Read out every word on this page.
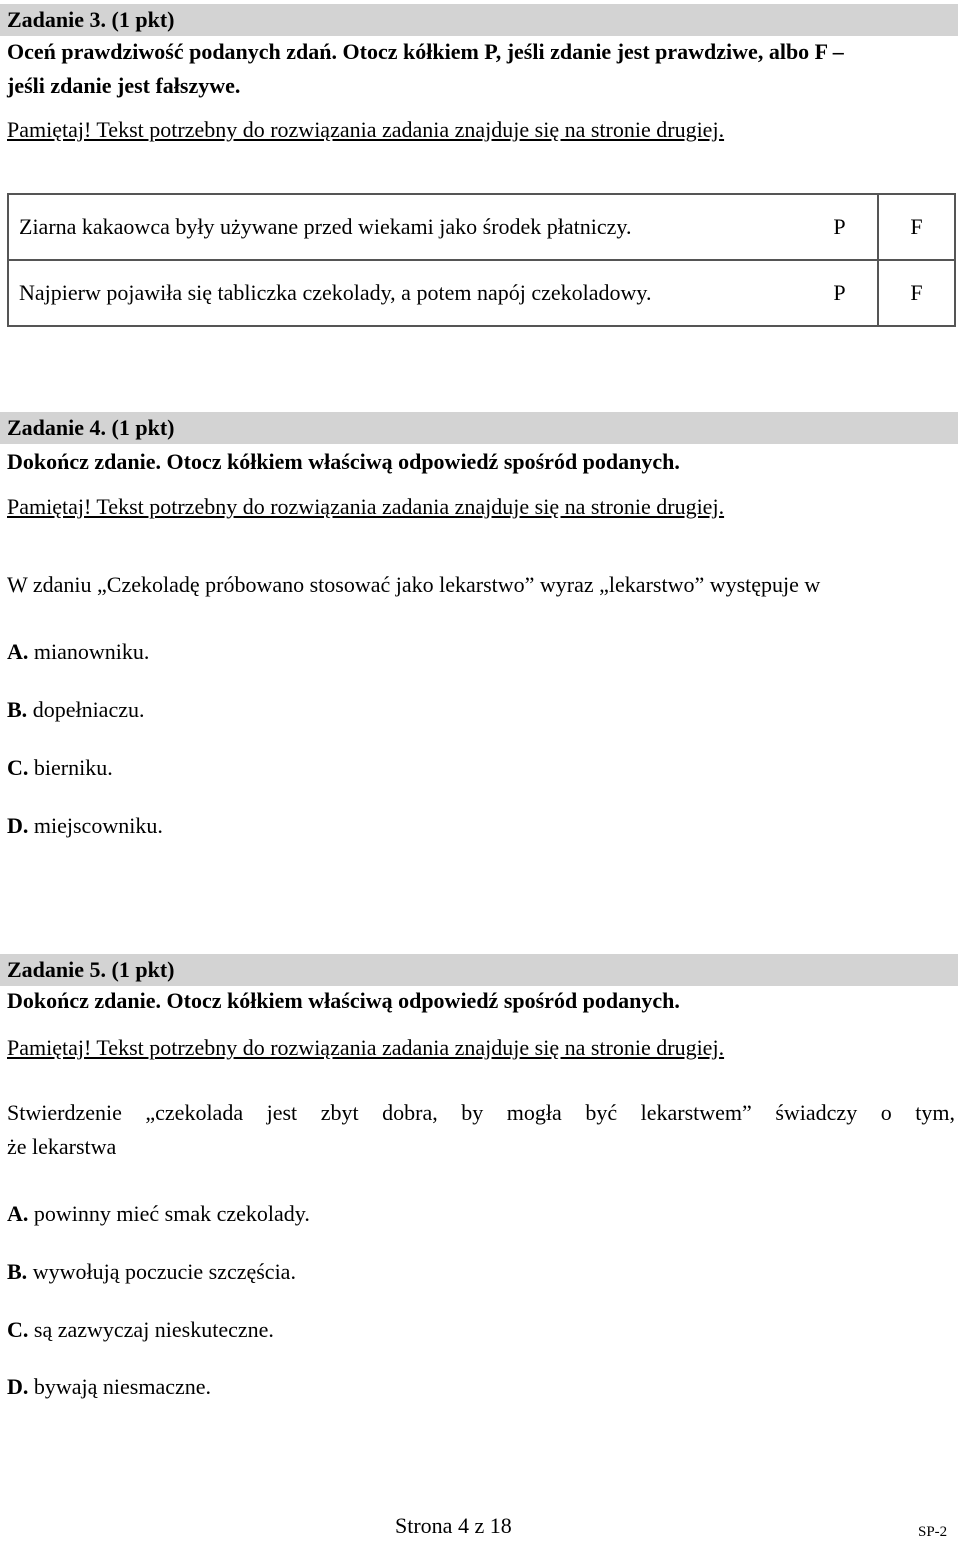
Zadanie 3. (1 pkt)
Oceń prawdziwość podanych zdań. Otocz kółkiem P, jeśli zdanie jest prawdziwe, albo F –
jeśli zdanie jest fałszywe.
Pamiętaj! Tekst potrzebny do rozwiązania zadania znajduje się na stronie drugiej.
Ziarna kakaowca były używane przed wiekami jako środek płatniczy.	P	F
Najpierw pojawiła się tabliczka czekolady, a potem napój czekoladowy.	P	F
Zadanie 4. (1 pkt)
Dokończ zdanie. Otocz kółkiem właściwą odpowiedź spośród podanych.
Pamiętaj! Tekst potrzebny do rozwiązania zadania znajduje się na stronie drugiej.
W zdaniu „Czekoladę próbowano stosować jako lekarstwo” wyraz „lekarstwo” występuje w
A. mianowniku.
B. dopełniaczu.
C. bierniku.
D. miejscowniku.
Zadanie 5. (1 pkt)
Dokończ zdanie. Otocz kółkiem właściwą odpowiedź spośród podanych.
Pamiętaj! Tekst potrzebny do rozwiązania zadania znajduje się na stronie drugiej.
Stwierdzenie „czekolada jest zbyt dobra, by mogła być lekarstwem” świadczy o tym,
że lekarstwa
A. powinny mieć smak czekolady.
B. wywołują poczucie szczęścia.
C. są zazwyczaj nieskuteczne.
D. bywają niesmaczne.
Strona 4 z 18	SP-2
